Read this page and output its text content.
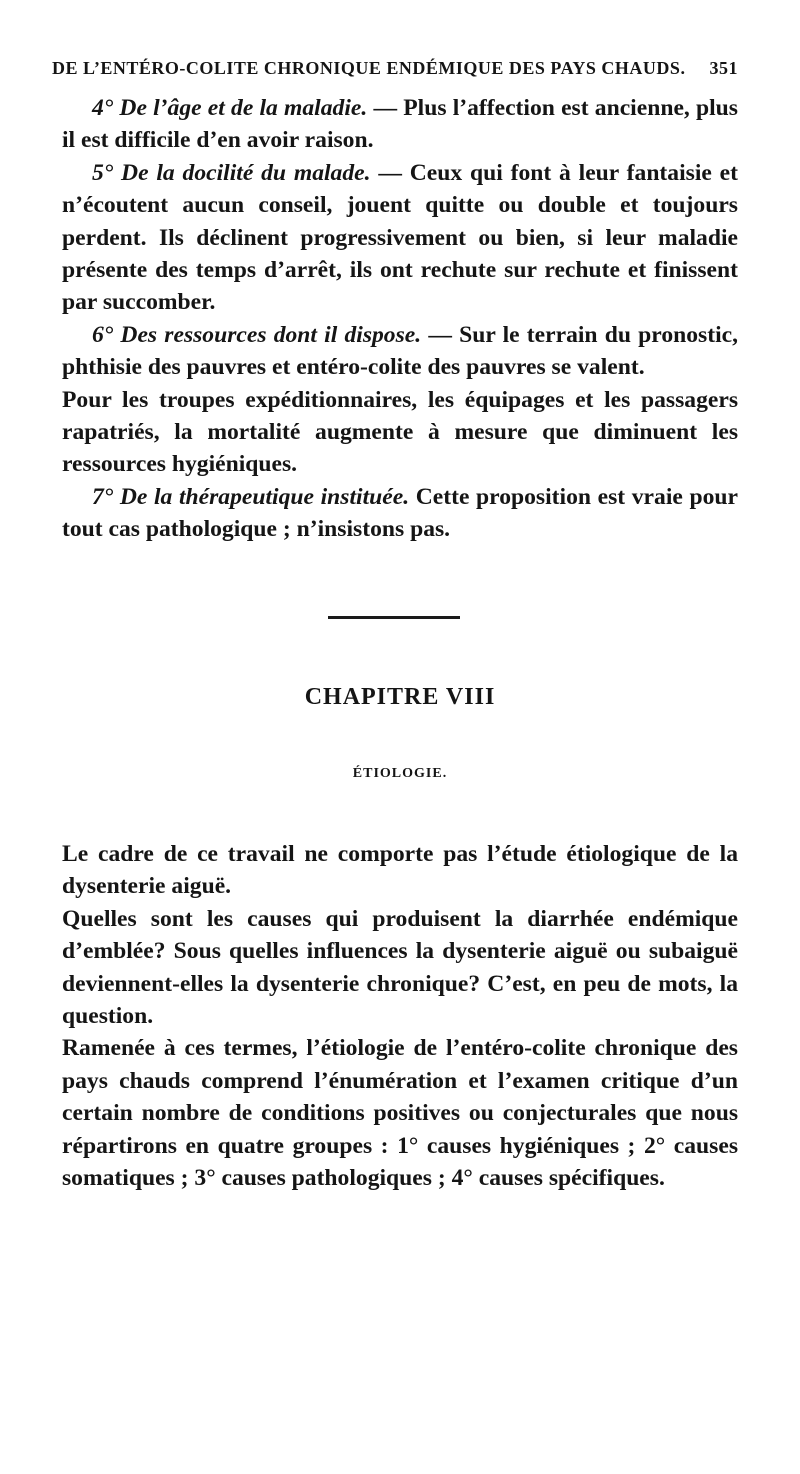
DE L’ENTÉRO-COLITE CHRONIQUE ENDÉMIQUE DES PAYS CHAUDS. 351

4° De l’âge et de la maladie. — Plus l’affection est ancienne, plus il est difficile d’en avoir raison.

5° De la docilité du malade. — Ceux qui font à leur fantaisie et n’écoutent aucun conseil, jouent quitte ou double et toujours perdent. Ils déclinent progressivement ou bien, si leur maladie présente des temps d’arrêt, ils ont rechute sur rechute et finissent par succomber.

6° Des ressources dont il dispose. — Sur le terrain du pronostic, phthisie des pauvres et entéro-colite des pauvres se valent.

Pour les troupes expéditionnaires, les équipages et les passagers rapatriés, la mortalité augmente à mesure que diminuent les ressources hygiéniques.

7° De la thérapeutique instituée. Cette proposition est vraie pour tout cas pathologique ; n’insistons pas.

CHAPITRE VIII
ÉTIOLOGIE.

Le cadre de ce travail ne comporte pas l’étude étiologique de la dysenterie aiguë.

Quelles sont les causes qui produisent la diarrhée endémique d’emblée? Sous quelles influences la dysenterie aiguë ou subaiguë deviennent-elles la dysenterie chronique? C’est, en peu de mots, la question.

Ramenée à ces termes, l’étiologie de l’entéro-colite chronique des pays chauds comprend l’énumération et l’examen critique d’un certain nombre de conditions positives ou conjecturales que nous répartirons en quatre groupes : 1° causes hygiéniques ; 2° causes somatiques ; 3° causes pathologiques ; 4° causes spécifiques.
